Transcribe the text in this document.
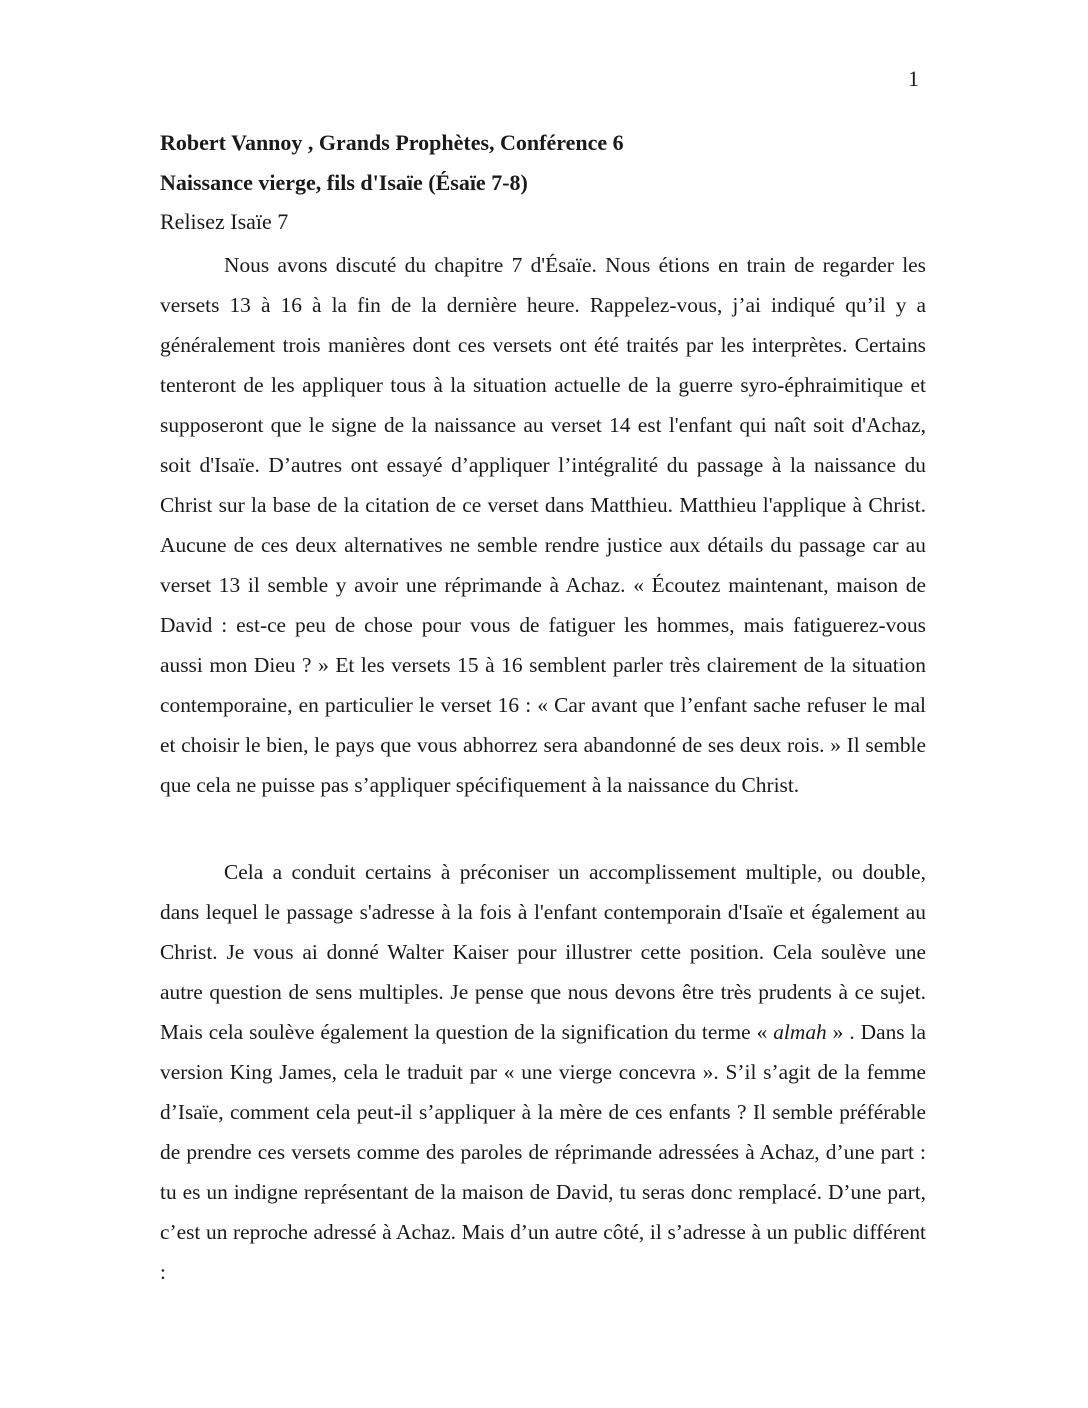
1
Robert Vannoy , Grands Prophètes, Conférence 6
Naissance vierge, fils d'Isaïe (Ésaïe 7-8)
Relisez Isaïe 7

Nous avons discuté du chapitre 7 d'Ésaïe. Nous étions en train de regarder les versets 13 à 16 à la fin de la dernière heure. Rappelez-vous, j’ai indiqué qu’il y a généralement trois manières dont ces versets ont été traités par les interprètes. Certains tenteront de les appliquer tous à la situation actuelle de la guerre syro-éphraimitique et supposeront que le signe de la naissance au verset 14 est l'enfant qui naît soit d'Achaz, soit d'Isaïe. D’autres ont essayé d’appliquer l’intégralité du passage à la naissance du Christ sur la base de la citation de ce verset dans Matthieu. Matthieu l'applique à Christ. Aucune de ces deux alternatives ne semble rendre justice aux détails du passage car au verset 13 il semble y avoir une réprimande à Achaz. « Écoutez maintenant, maison de David : est-ce peu de chose pour vous de fatiguer les hommes, mais fatiguerez-vous aussi mon Dieu ? » Et les versets 15 à 16 semblent parler très clairement de la situation contemporaine, en particulier le verset 16 : « Car avant que l’enfant sache refuser le mal et choisir le bien, le pays que vous abhorrez sera abandonné de ses deux rois. » Il semble que cela ne puisse pas s’appliquer spécifiquement à la naissance du Christ.

Cela a conduit certains à préconiser un accomplissement multiple, ou double, dans lequel le passage s'adresse à la fois à l'enfant contemporain d'Isaïe et également au Christ. Je vous ai donné Walter Kaiser pour illustrer cette position. Cela soulève une autre question de sens multiples. Je pense que nous devons être très prudents à ce sujet. Mais cela soulève également la question de la signification du terme « almah » . Dans la version King James, cela le traduit par « une vierge concevra ». S’il s’agit de la femme d’Isaïe, comment cela peut-il s’appliquer à la mère de ces enfants ? Il semble préférable de prendre ces versets comme des paroles de réprimande adressées à Achaz, d’une part : tu es un indigne représentant de la maison de David, tu seras donc remplacé. D’une part, c’est un reproche adressé à Achaz. Mais d’un autre côté, il s’adresse à un public différent :
